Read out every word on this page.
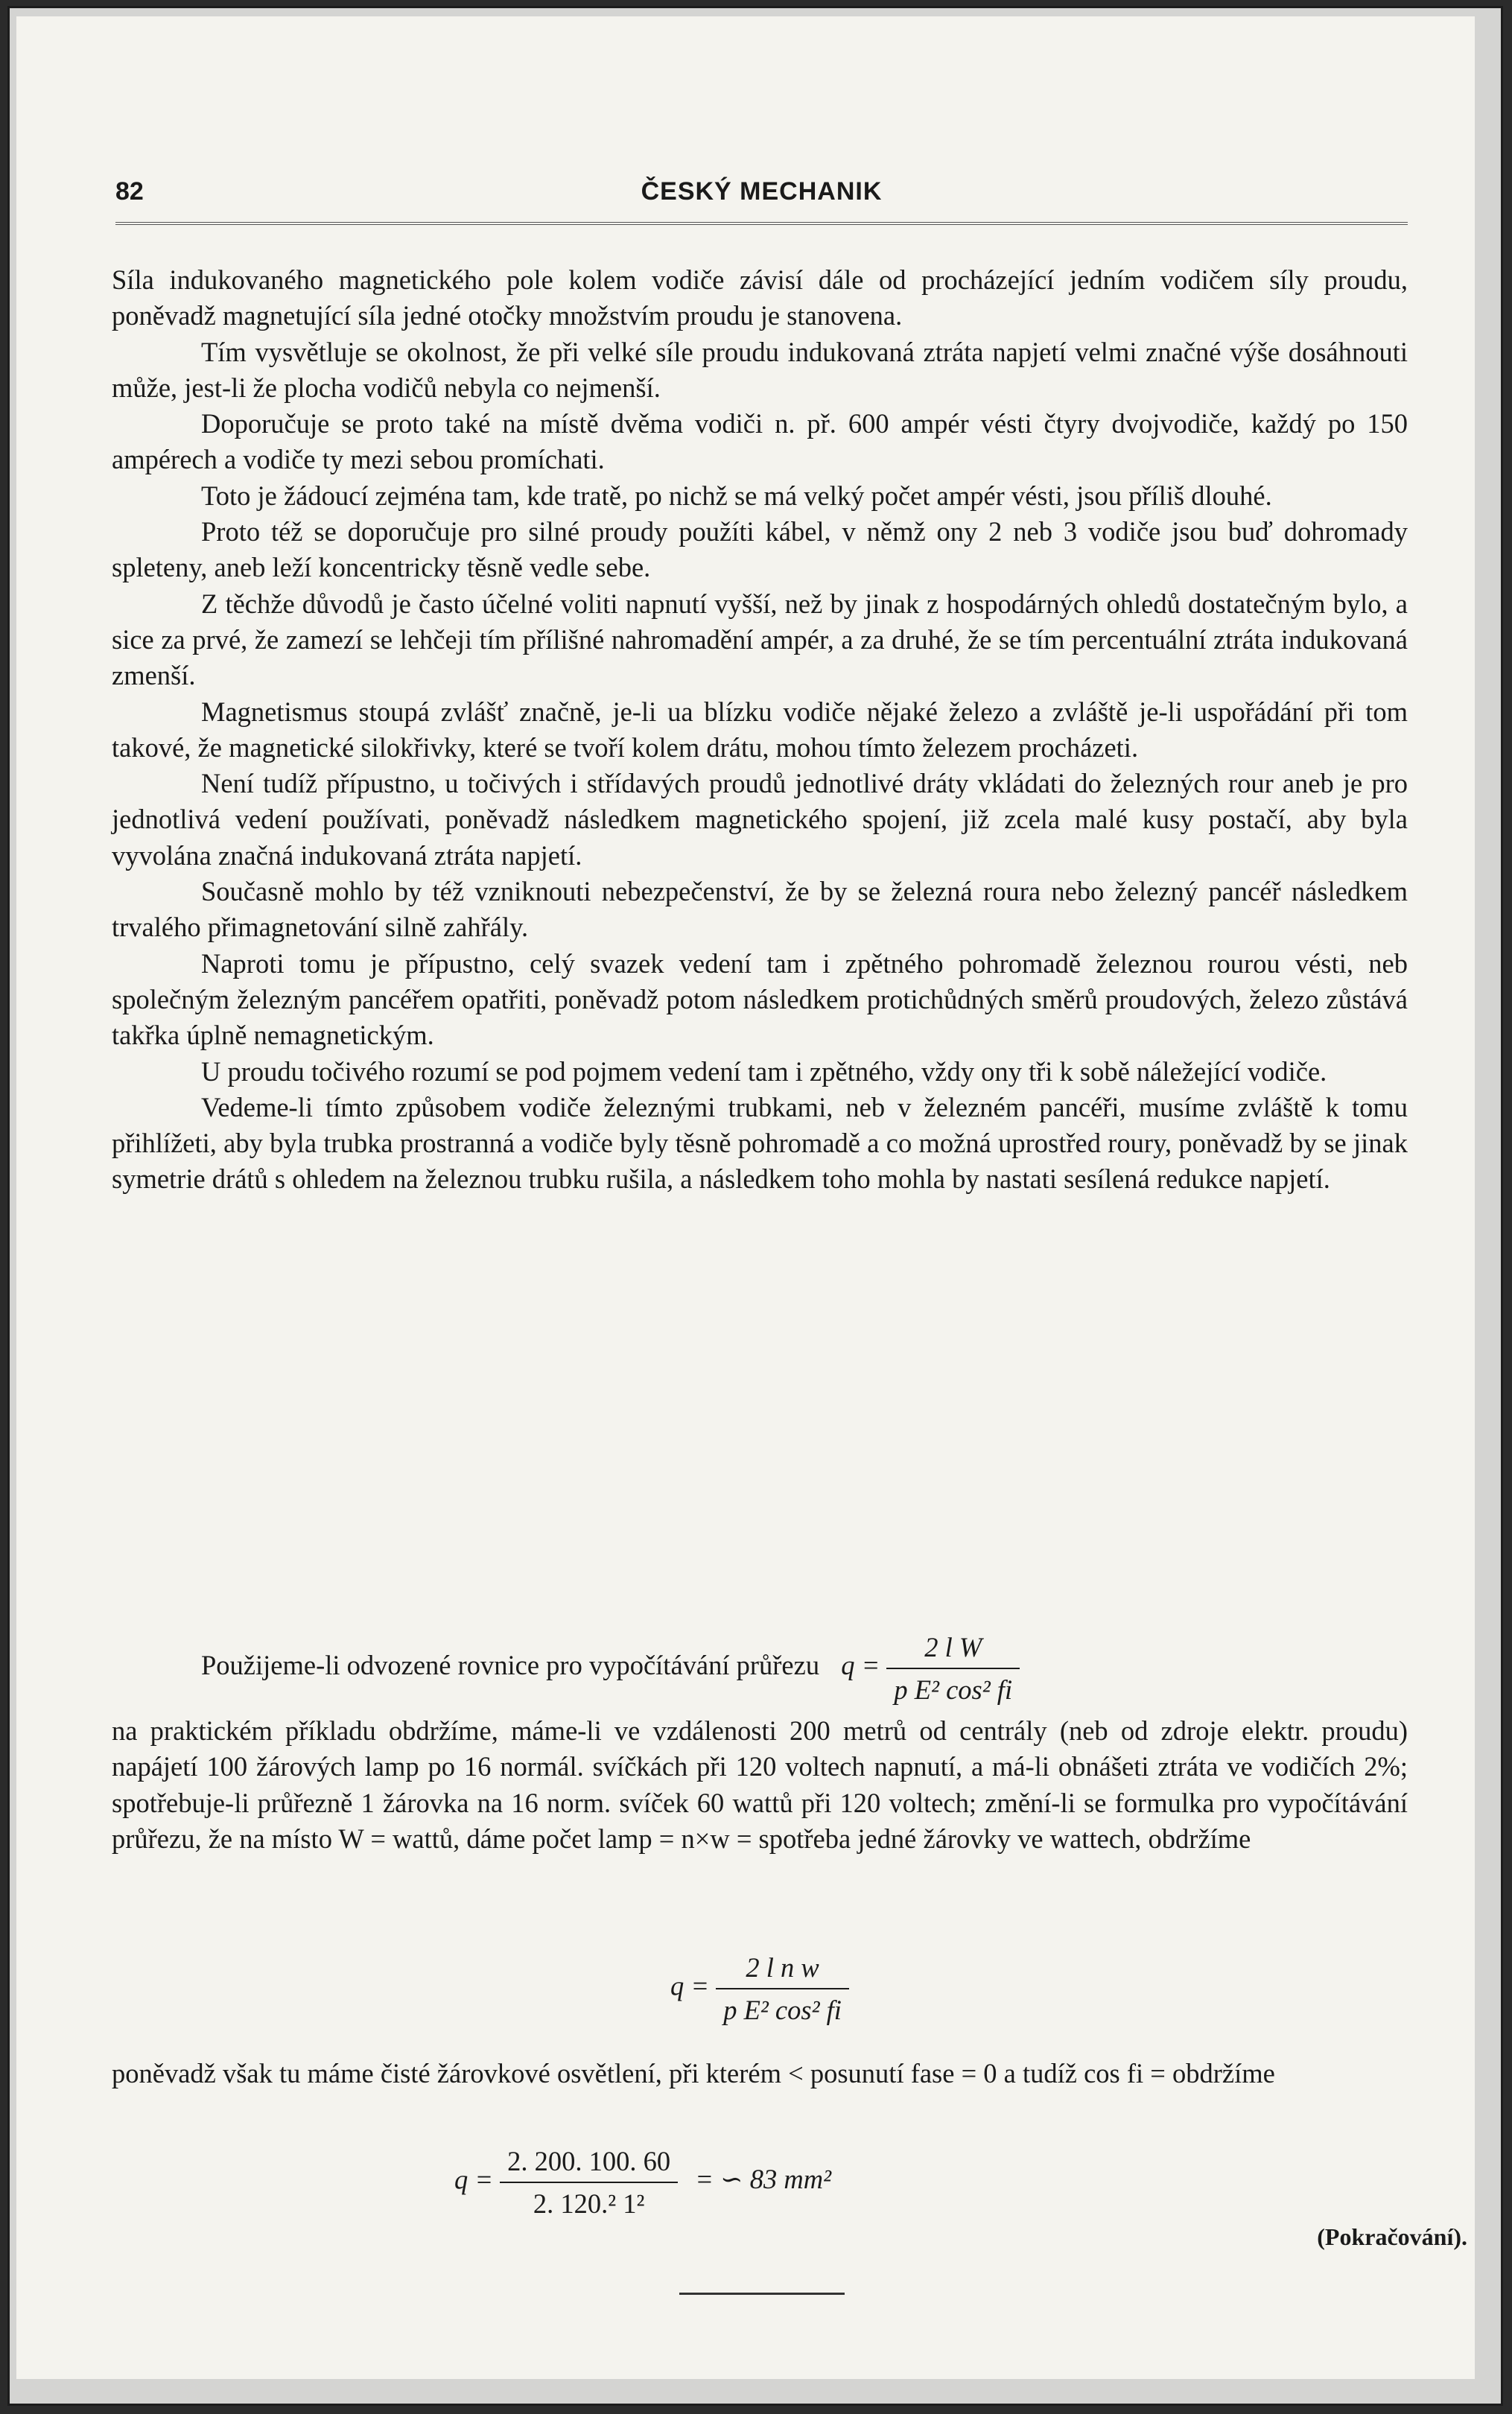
82	ČESKÝ MECHANIK

Síla indukovaného magnetického pole kolem vodiče závisí dále od procházející jedním vodičem síly proudu, poněvadž magnetující síla jedné otočky množstvím proudu je stanovena.

Tím vysvětluje se okolnost, že při velké síle proudu indukovaná ztráta napjetí velmi značné výše dosáhnouti může, jest-li že plocha vodičů nebyla co nejmenší.

Doporučuje se proto také na místě dvěma vodiči n. př. 600 ampér vésti čtyry dvojvodiče, každý po 150 ampérech a vodiče ty mezi sebou promíchati.

Toto je žádoucí zejména tam, kde tratě, po nichž se má velký počet ampér vésti, jsou příliš dlouhé.

Proto též se doporučuje pro silné proudy použíti kábel, v němž ony 2 neb 3 vodiče jsou buď dohromady spleteny, aneb leží koncentricky těsně vedle sebe.

Z těchže důvodů je často účelné voliti napnutí vyšší, než by jinak z hospodárných ohledů dostatečným bylo, a sice za prvé, že zamezí se lehčeji tím přílišné nahromadění ampér, a za druhé, že se tím percentuální ztráta indukovaná zmenší.

Magnetismus stoupá zvlášť značně, je-li ua blízku vodiče nějaké železo a zvláště je-li uspořádání při tom takové, že magnetické silokřivky, které se tvoří kolem drátu, mohou tímto železem procházeti.

Není tudíž přípustno, u točivých i střídavých proudů jednotlivé dráty vkládati do železných rour aneb je pro jednotlivá vedení používati, poněvadž následkem magnetického spojení, již zcela malé kusy postačí, aby byla vyvolána značná indukovaná ztráta napjetí.

Současně mohlo by též vzniknouti nebezpečenství, že by se železná roura nebo železný pancéř následkem trvalého přimagnetování silně zahřály.

Naproti tomu je přípustno, celý svazek vedení tam i zpětného pohromadě železnou rourou vésti, neb společným železným pancéřem opatřiti, poněvadž potom následkem protichůdných směrů proudových, železo zůstává takřka úplně nemagnetickým.

U proudu točivého rozumí se pod pojmem vedení tam i zpětného, vždy ony tři k sobě náležející vodiče.

Vedeme-li tímto způsobem vodiče železnými trubkami, neb v železném pancéři, musíme zvláště k tomu přihlížeti, aby byla trubka prostranná a vodiče byly těsně pohromadě a co možná uprostřed roury, poněvadž by se jinak symetrie drátů s ohledem na železnou trubku rušila, a následkem toho mohla by nastati sesílená redukce napjetí.

Použijeme-li odvozené rovnice pro vypočítávání průřezu $q = \frac{\text{2 l W}}{\text{p E² cos² fi}}$

na praktickém příkladu obdržíme, máme-li ve vzdálenosti 200 metrů od centrály (neb od zdroje elektr. proudu) napájetí 100 žárových lamp po 16 normál. svíčkách při 120 voltech napnutí, a má-li obnášeti ztráta ve vodičích 2%; spotřebuje-li průřezně 1 žárovka na 16 norm. svíček 60 wattů při 120 voltech; změní-li se formulka pro vypočítávání průřezu, že na místo W = wattů, dáme počet lamp = n×w = spotřeba jedné žárovky ve wattech, obdržíme

$q = \frac{\text{2 l n w}}{\text{p E² cos² fi}}$

poněvadž však tu máme čisté žárovkové osvětlení, při kterém < posunutí fase = 0 a tudíž cos fi = obdržíme

$q = \frac{2. 200. 100. 60}{\text{2. 120.² 1²}}$ = ∽ 83 mm²
(Pokračování).
